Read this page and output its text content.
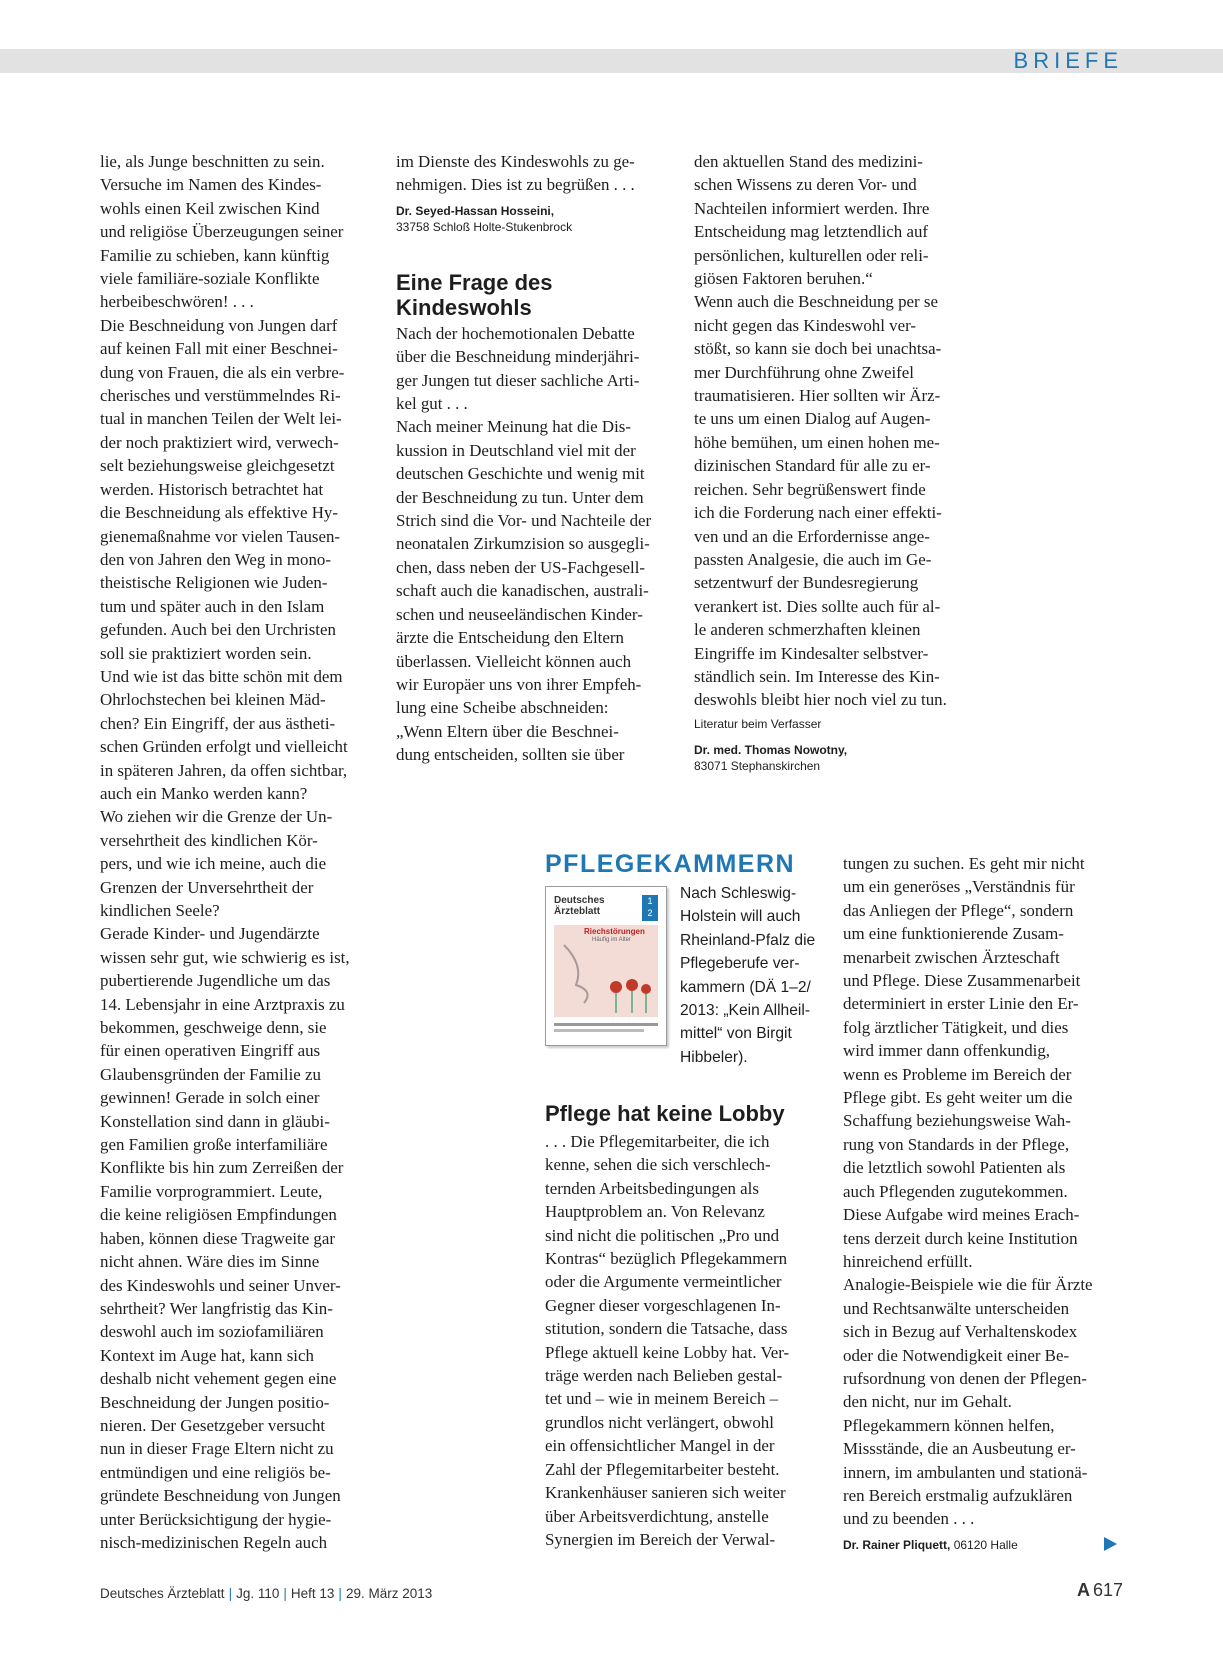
BRIEFE

lie, als Junge beschnitten zu sein.
Versuche im Namen des Kindes-
wohls einen Keil zwischen Kind
und religiöse Überzeugungen seiner
Familie zu schieben, kann künftig
viele familiäre-soziale Konflikte
herbeibeschwören! . . .
Die Beschneidung von Jungen darf
auf keinen Fall mit einer Beschnei-
dung von Frauen, die als ein verbre-
cherisches und verstümmelndes Ri-
tual in manchen Teilen der Welt lei-
der noch praktiziert wird, verwech-
selt beziehungsweise gleichgesetzt
werden. Historisch betrachtet hat
die Beschneidung als effektive Hy-
gienemaßnahme vor vielen Tausen-
den von Jahren den Weg in mono-
theistische Religionen wie Juden-
tum und später auch in den Islam
gefunden. Auch bei den Urchristen
soll sie praktiziert worden sein.
Und wie ist das bitte schön mit dem
Ohrlochstechen bei kleinen Mäd-
chen? Ein Eingriff, der aus ästheti-
schen Gründen erfolgt und vielleicht
in späteren Jahren, da offen sichtbar,
auch ein Manko werden kann?
Wo ziehen wir die Grenze der Un-
versehrtheit des kindlichen Kör-
pers, und wie ich meine, auch die
Grenzen der Unversehrtheit der
kindlichen Seele?
Gerade Kinder- und Jugendärzte
wissen sehr gut, wie schwierig es ist,
pubertierende Jugendliche um das
14. Lebensjahr in eine Arztpraxis zu
bekommen, geschweige denn, sie
für einen operativen Eingriff aus
Glaubensgründen der Familie zu
gewinnen! Gerade in solch einer
Konstellation sind dann in gläubi-
gen Familien große interfamiliäre
Konflikte bis hin zum Zerreißen der
Familie vorprogrammiert. Leute,
die keine religiösen Empfindungen
haben, können diese Tragweite gar
nicht ahnen. Wäre dies im Sinne
des Kindeswohls und seiner Unver-
sehrtheit? Wer langfristig das Kin-
deswohl auch im soziofamiliären
Kontext im Auge hat, kann sich
deshalb nicht vehement gegen eine
Beschneidung der Jungen positio-
nieren. Der Gesetzgeber versucht
nun in dieser Frage Eltern nicht zu
entmündigen und eine religiös be-
gründete Beschneidung von Jungen
unter Berücksichtigung der hygie-
nisch-medizinischen Regeln auch

im Dienste des Kindeswohls zu ge-
nehmigen. Dies ist zu begrüßen . . .

Dr. Seyed-Hassan Hosseini,
33758 Schloß Holte-Stukenbrock
Eine Frage des
Kindeswohls

Nach der hochemotionalen Debatte
über die Beschneidung minderjähri-
ger Jungen tut dieser sachliche Arti-
kel gut . . .
Nach meiner Meinung hat die Dis-
kussion in Deutschland viel mit der
deutschen Geschichte und wenig mit
der Beschneidung zu tun. Unter dem
Strich sind die Vor- und Nachteile der
neonatalen Zirkumzision so ausgegli-
chen, dass neben der US-Fachgesell-
schaft auch die kanadischen, australi-
schen und neuseeländischen Kinder-
ärzte die Entscheidung den Eltern
überlassen. Vielleicht können auch
wir Europäer uns von ihrer Empfeh-
lung eine Scheibe abschneiden:
„Wenn Eltern über die Beschnei-
dung entscheiden, sollten sie über

den aktuellen Stand des medizini-
schen Wissens zu deren Vor- und
Nachteilen informiert werden. Ihre
Entscheidung mag letztendlich auf
persönlichen, kulturellen oder reli-
giösen Faktoren beruhen.“
Wenn auch die Beschneidung per se
nicht gegen das Kindeswohl ver-
stößt, so kann sie doch bei unachtsa-
mer Durchführung ohne Zweifel
traumatisieren. Hier sollten wir Ärz-
te uns um einen Dialog auf Augen-
höhe bemühen, um einen hohen me-
dizinischen Standard für alle zu er-
reichen. Sehr begrüßenswert finde
ich die Forderung nach einer effekti-
ven und an die Erfordernisse ange-
passten Analgesie, die auch im Ge-
setzentwurf der Bundesregierung
verankert ist. Dies sollte auch für al-
le anderen schmerzhaften kleinen
Eingriffe im Kindesalter selbstver-
ständlich sein. Im Interesse des Kin-
deswohls bleibt hier noch viel zu tun.

Literatur beim Verfasser
Dr. med. Thomas Nowotny,
83071 Stephanskirchen
PFLEGEKAMMERN
Deutsches
Ärzteblatt
1
2
Riechstörungen
Häufig im Alter
Nach Schleswig-
Holstein will auch
Rheinland-Pfalz die
Pflegeberufe ver-
kammern (DÄ 1–2/
2013: „Kein Allheil-
mittel“ von Birgit
Hibbeler).
Pflege hat keine Lobby

. . . Die Pflegemitarbeiter, die ich
kenne, sehen die sich verschlech-
ternden Arbeitsbedingungen als
Hauptproblem an. Von Relevanz
sind nicht die politischen „Pro und
Kontras“ bezüglich Pflegekammern
oder die Argumente vermeintlicher
Gegner dieser vorgeschlagenen In-
stitution, sondern die Tatsache, dass
Pflege aktuell keine Lobby hat. Ver-
träge werden nach Belieben gestal-
tet und – wie in meinem Bereich –
grundlos nicht verlängert, obwohl
ein offensichtlicher Mangel in der
Zahl der Pflegemitarbeiter besteht.
Krankenhäuser sanieren sich weiter
über Arbeitsverdichtung, anstelle
Synergien im Bereich der Verwal-

tungen zu suchen. Es geht mir nicht
um ein generöses „Verständnis für
das Anliegen der Pflege“, sondern
um eine funktionierende Zusam-
menarbeit zwischen Ärzteschaft
und Pflege. Diese Zusammenarbeit
determiniert in erster Linie den Er-
folg ärztlicher Tätigkeit, und dies
wird immer dann offenkundig,
wenn es Probleme im Bereich der
Pflege gibt. Es geht weiter um die
Schaffung beziehungsweise Wah-
rung von Standards in der Pflege,
die letztlich sowohl Patienten als
auch Pflegenden zugutekommen.
Diese Aufgabe wird meines Erach-
tens derzeit durch keine Institution
hinreichend erfüllt.
Analogie-Beispiele wie die für Ärzte
und Rechtsanwälte unterscheiden
sich in Bezug auf Verhaltenskodex
oder die Notwendigkeit einer Be-
rufsordnung von denen der Pflegen-
den nicht, nur im Gehalt.
Pflegekammern können helfen,
Missstände, die an Ausbeutung er-
innern, im ambulanten und stationä-
ren Bereich erstmalig aufzuklären
und zu beenden . . .

Dr. Rainer Pliquett, 06120 Halle
Deutsches Ärzteblatt | Jg. 110 | Heft 13 | 29. März 2013	A 617
